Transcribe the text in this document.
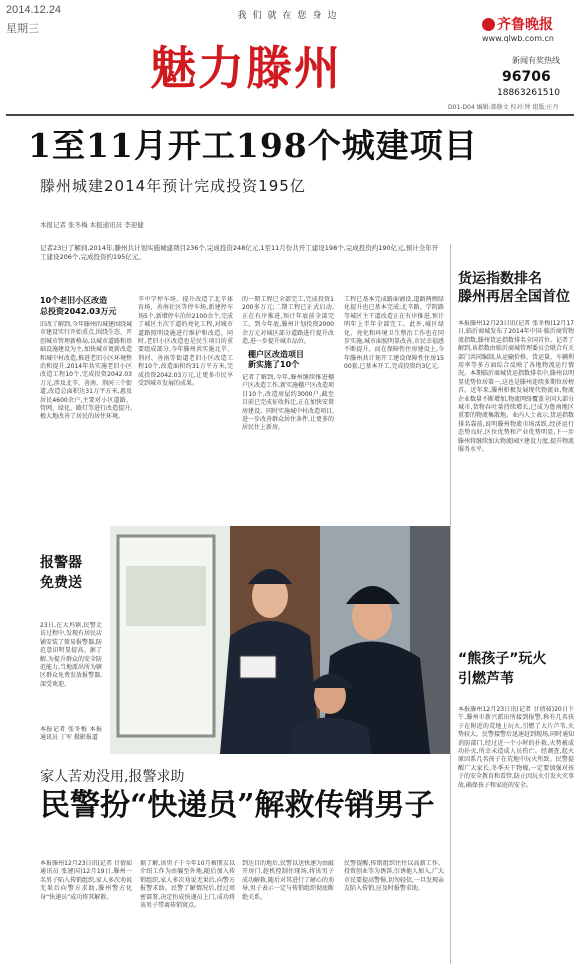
2014.12.24
星期三
我们就在您身边
魅力滕州
齐鲁晚报
www.qlwb.com.cn
新闻有奖热线
96706
18863261510
D01-D04 编辑:郝修文 校对:钟 组版:庄丹
1至11月开工198个城建项目
滕州城建2014年预计完成投资195亿
本报记者 张冬梅 本报通讯员 李迎健
记者23日了解到,2014年,滕州共计划实施城建项目236个,完成投资248亿元,1至11月份共开工建设198个,完成投资约190亿元,预计全年开工建设206个,完成投资约195亿元。
10个老旧小区改造
总投资2042.03万元
旧改了解到,今年滕州的城建围绕城市建设实行开始重点,围绕生态、开创城市管理新格局,以城市道路和基础设施建设为主,加快城市更新改造和城中村改造,推进老旧小区环境整治和提升,2014年共实施老旧小区改造工程10个,完成投资2042.03万元,涉及北辛、善南、荆河三个街道,改造总面积达31万平方米,惠及居民4600余户,主要对小区道路、管网、绿化、路灯等进行改造提升,极大地改善了居民的居住环境。
辛中学停车场、提升改造了北辛体育场、善南社区等停车场,新建停车场5个,新增停车泊位2100余个,完成了城区主次干道的亮化工程,对城市道路照明设施进行维护和改造。同时,老旧小区改造也是民生项目的重要组成部分,今年滕州共实施北辛、荆河、善南等街道老旧小区改造工程10个,改造面积约31万平方米,完成投资2042.03万元,让更多市民享受到城市发展的成果。
的一期工程已全部完工,完成投资1200多万元;二期工程已正式启动,正在有序推进,预计年底前全部完工。到今年底,滕州计划投资2000余万元对城区部分道路进行提升改造,进一步提升城市品位。
棚户区改造项目
新实施了10个
记者了解到,今年,滕州继续推进棚户区改造工作,新实施棚户区改造项目10个,改造房屋约3000户,截至目前已完成征收拆迁,正在加快安置房建设。同时实施城中村改造项目,进一步改善群众居住条件,让更多的居民住上新房。
工程已基本完成路面铺设,道路两侧绿化提升也已基本完成;北辛路、学院路等城区主干道改造正在有序推进,预计明年上半年全部完工。此外,城区绿化、亮化和环境卫生整治工作也在同步实施,城市面貌明显改善,市民幸福感不断提升。而在保障性住房建设上,今年滕州共计划开工建设保障性住房1500套,已基本开工,完成投资约3亿元。
货运指数排名
滕州再居全国首位
本报滕州12月23日讯(记者 张冬梅)12月17日,临沂商城发布了2014年中国·临沂商贸物流指数,滕州货运指数排名全国首位。记者了解到,该指数由临沂商城管理委员会联合有关部门共同编制,从运输价格、货运量、车辆利用率等多方面综合反映了各地物流运行情况。本期临沂商城货运指数排名中,滕州以明显优势位居第一,这也是滕州连续多期位居榜首。近年来,滕州积极发展现代物流业,物流企业数量不断增加,物流网络覆盖全国大部分城市,货物吞吐量持续增长,已成为鲁南地区重要的物流集散地。业内人士表示,货运指数排名靠前,说明滕州物流市场活跃,经济运行态势良好,区位优势和产业优势明显,下一步滕州将继续加大物流园区建设力度,提升物流服务水平。
报警器
免费送
23日,在大坞镇,民警走访过程中,发现有居民店铺安装了简易报警器,防范意识明显提高。据了解,为提升群众的安全防范能力,当地派出所为辖区群众免费发放报警器,深受欢迎。
本报记者 张冬梅 本报通讯员 丁军 摄影报道
“熊孩子”玩火
引燃芦苇
本报滕州12月23日讯(记者 甘倩茹)20日下午,滕州市新兴派出所接到报警,称有几名孩子在附近的荒地上玩火,引燃了大片芦苇,火势较大。民警接警后迅速赶到现场,同时通知消防部门,经过近一个小时的扑救,火势被成功扑灭,所幸未造成人员伤亡。经调查,起火原因系几名孩子在荒地中玩火所致。民警提醒广大家长,冬季天干物燥,一定要加强对孩子的安全教育和看管,防止因玩火引发火灾事故,确保孩子和家庭的安全。
家人苦劝没用,报警求助
民警扮“快递员”解救传销男子
本报滕州12月23日讯(记者 甘倩茹 通讯员 张建国)12月19日,滕州一名男子陷入传销组织,家人多次劝说无果后向警方求助,滕州警方化身“快递员”成功将其解救。
据了解,该男子于今年10月被朋友以介绍工作为由骗至外地,随后加入传销组织,家人多次劝说无果后,向警方报警求助。民警了解情况后,经过周密部署,决定扮成快递员上门,成功将该男子带离传销窝点。
到达目的地后,民警以送快递为由敲开房门,趁机控制住现场,将该男子成功解救,随后对其进行了耐心的劝导,男子表示一定与传销组织彻底断绝关系。
民警提醒,传销组织往往以高薪工作、投资创业等为诱饵,引诱他人加入,广大市民要提高警惕,切勿轻信,一旦发现亲友陷入传销,应及时报警求助。
